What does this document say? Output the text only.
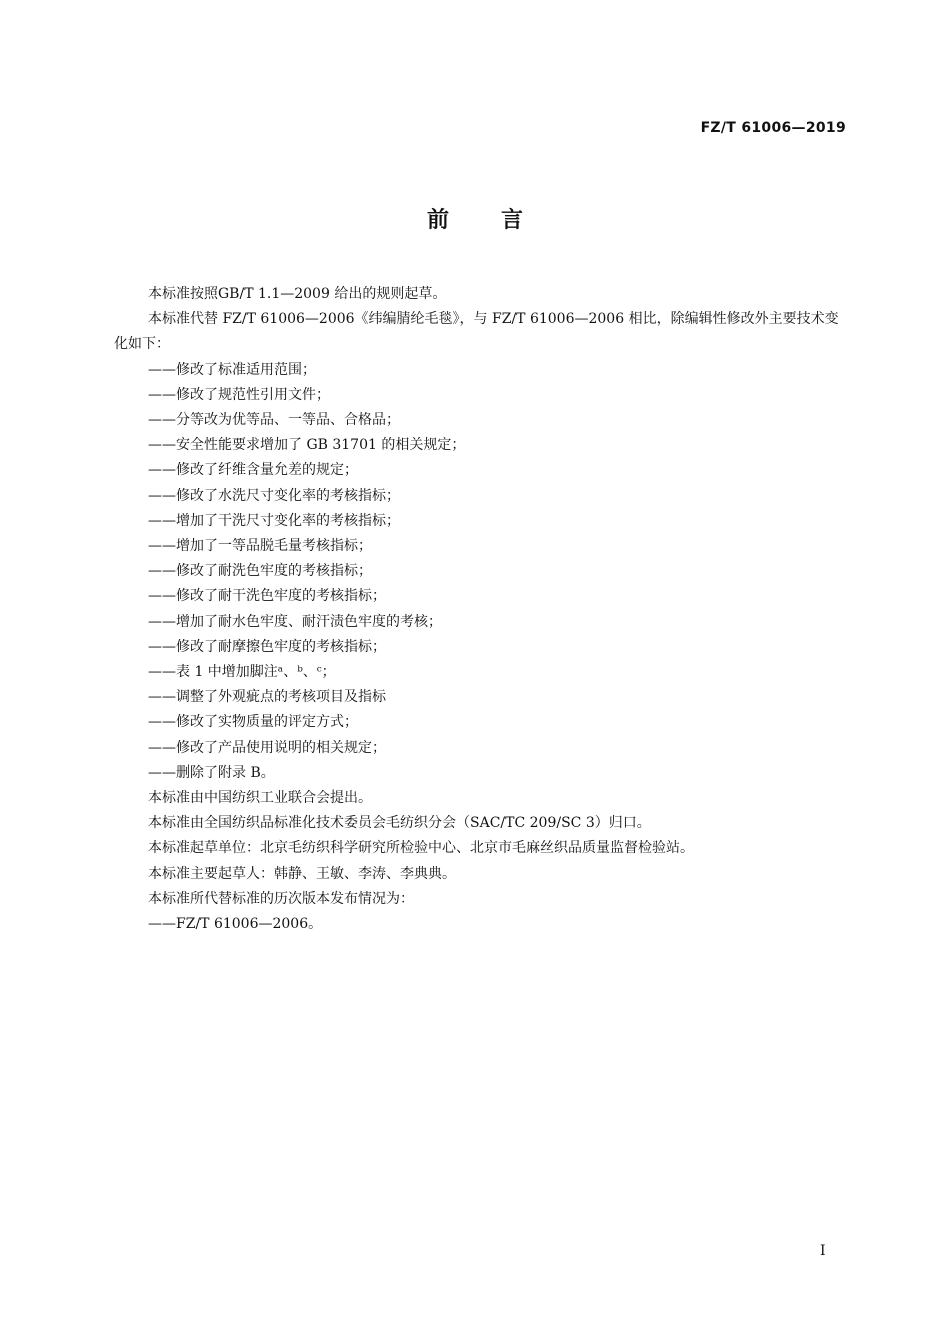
FZ/T 61006—2019
前言

本标准按照GB/T 1.1—2009 给出的规则起草。

本标准代替 FZ/T 61006—2006《纬编腈纶毛毯》，与 FZ/T 61006—2006 相比，除编辑性修改外主要技术变化如下：

——修改了标准适用范围；

——修改了规范性引用文件；

——分等改为优等品、一等品、合格品；

——安全性能要求增加了 GB 31701 的相关规定；

——修改了纤维含量允差的规定；

——修改了水洗尺寸变化率的考核指标；

——增加了干洗尺寸变化率的考核指标；

——增加了一等品脱毛量考核指标；

——修改了耐洗色牢度的考核指标；

——修改了耐干洗色牢度的考核指标；

——增加了耐水色牢度、耐汗渍色牢度的考核；

——修改了耐摩擦色牢度的考核指标；

——表 1 中增加脚注ᵃ、ᵇ、ᶜ；

——调整了外观疵点的考核项目及指标

——修改了实物质量的评定方式；

——修改了产品使用说明的相关规定；

——删除了附录 B。

本标准由中国纺织工业联合会提出。

本标准由全国纺织品标准化技术委员会毛纺织分会（SAC/TC 209/SC 3）归口。

本标准起草单位：北京毛纺织科学研究所检验中心、北京市毛麻丝织品质量监督检验站。

本标准主要起草人：韩静、王敏、李涛、李典典。

本标准所代替标准的历次版本发布情况为：

——FZ/T 61006—2006。

I
